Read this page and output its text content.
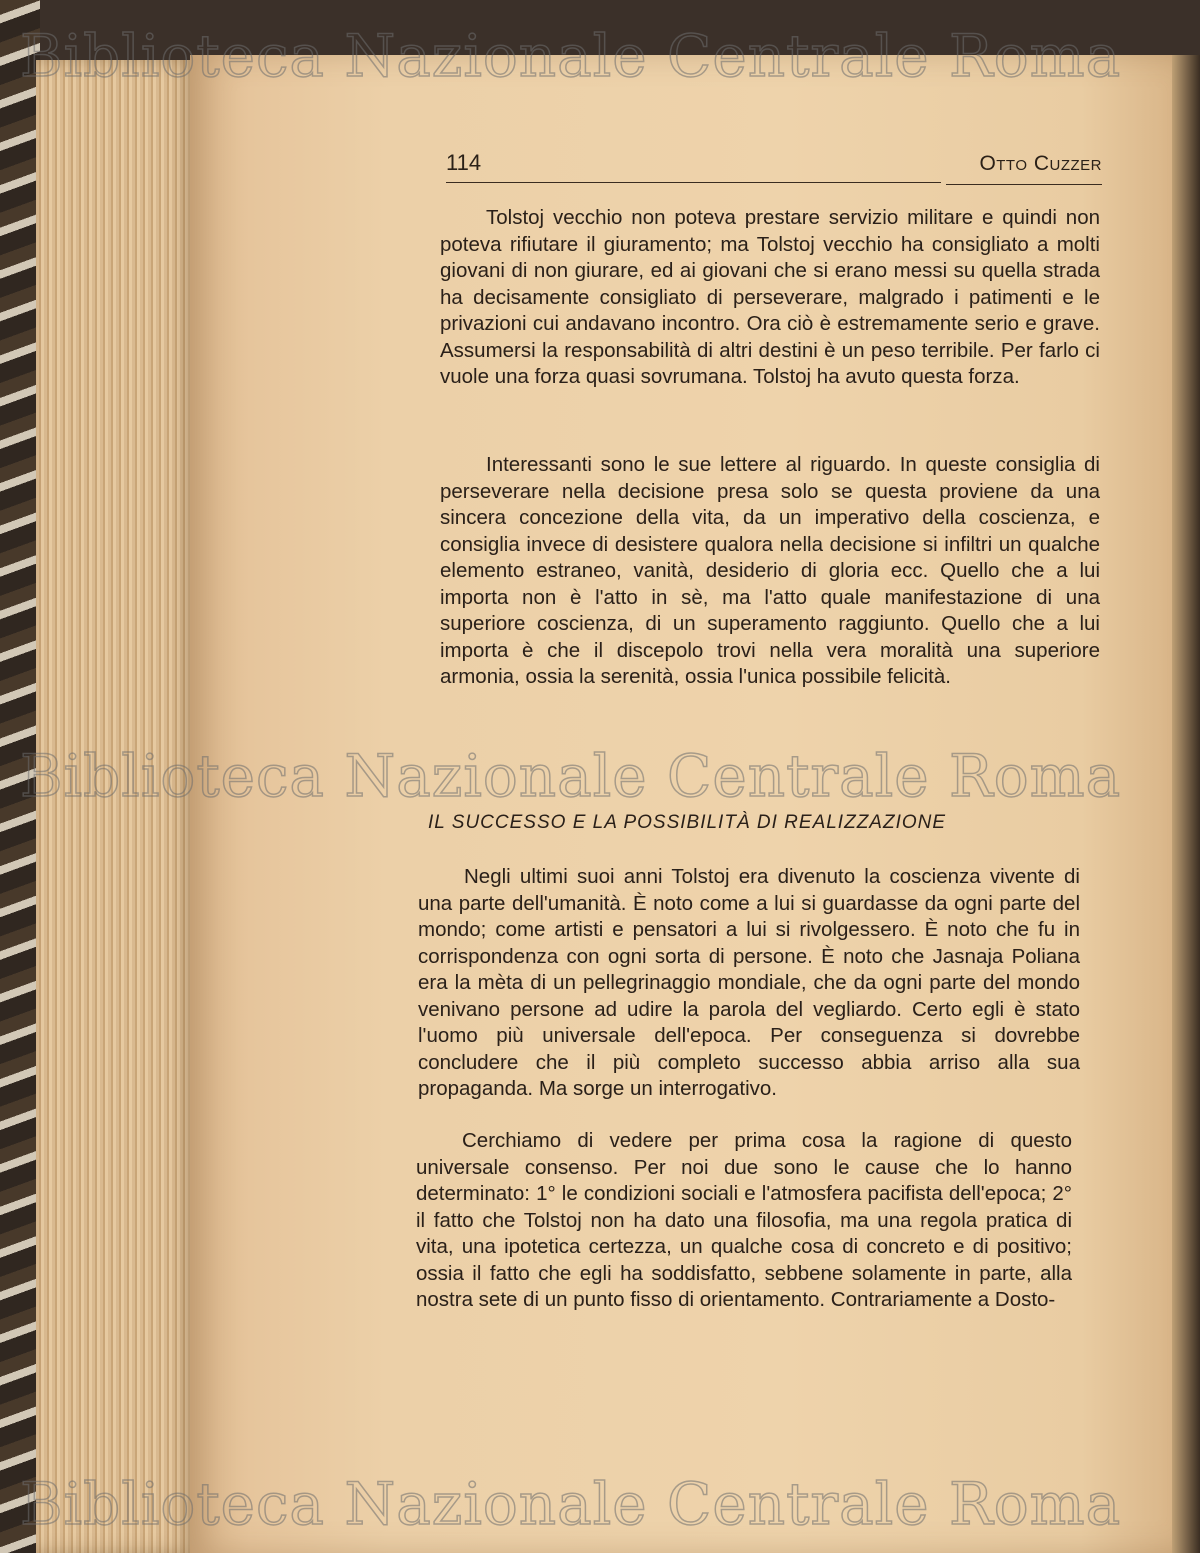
114	Otto Cuzzer

Tolstoj vecchio non poteva prestare servizio militare e quindi non poteva rifiutare il giuramento; ma Tolstoj vecchio ha consigliato a molti giovani di non giurare, ed ai giovani che si erano messi su quella strada ha decisamente consigliato di perseverare, malgrado i patimenti e le privazioni cui andavano incontro. Ora ciò è estremamente serio e grave. Assumersi la responsabilità di altri destini è un peso terribile. Per farlo ci vuole una forza quasi sovrumana. Tolstoj ha avuto questa forza.

Interessanti sono le sue lettere al riguardo. In queste consiglia di perseverare nella decisione presa solo se questa proviene da una sincera concezione della vita, da un imperativo della coscienza, e consiglia invece di desistere qualora nella decisione si infiltri un qualche elemento estraneo, vanità, desiderio di gloria ecc. Quello che a lui importa non è l'atto in sè, ma l'atto quale manifestazione di una superiore coscienza, di un superamento raggiunto. Quello che a lui importa è che il discepolo trovi nella vera moralità una superiore armonia, ossia la serenità, ossia l'unica possibile felicità.

IL SUCCESSO E LA POSSIBILITÀ DI REALIZZAZIONE

Negli ultimi suoi anni Tolstoj era divenuto la coscienza vivente di una parte dell'umanità. È noto come a lui si guardasse da ogni parte del mondo; come artisti e pensatori a lui si rivolgessero. È noto che fu in corrispondenza con ogni sorta di persone. È noto che Jasnaja Poliana era la mèta di un pellegrinaggio mondiale, che da ogni parte del mondo venivano persone ad udire la parola del vegliardo. Certo egli è stato l'uomo più universale dell'epoca. Per conseguenza si dovrebbe concludere che il più completo successo abbia arriso alla sua propaganda. Ma sorge un interrogativo.

Cerchiamo di vedere per prima cosa la ragione di questo universale consenso. Per noi due sono le cause che lo hanno determinato: 1° le condizioni sociali e l'atmosfera pacifista dell'epoca; 2° il fatto che Tolstoj non ha dato una filosofia, ma una regola pratica di vita, una ipotetica certezza, un qualche cosa di concreto e di positivo; ossia il fatto che egli ha soddisfatto, sebbene solamente in parte, alla nostra sete di un punto fisso di orientamento. Contrariamente a Dosto-

Biblioteca Nazionale Centrale Roma
Biblioteca Nazionale Centrale Roma
Biblioteca Nazionale Centrale Roma
